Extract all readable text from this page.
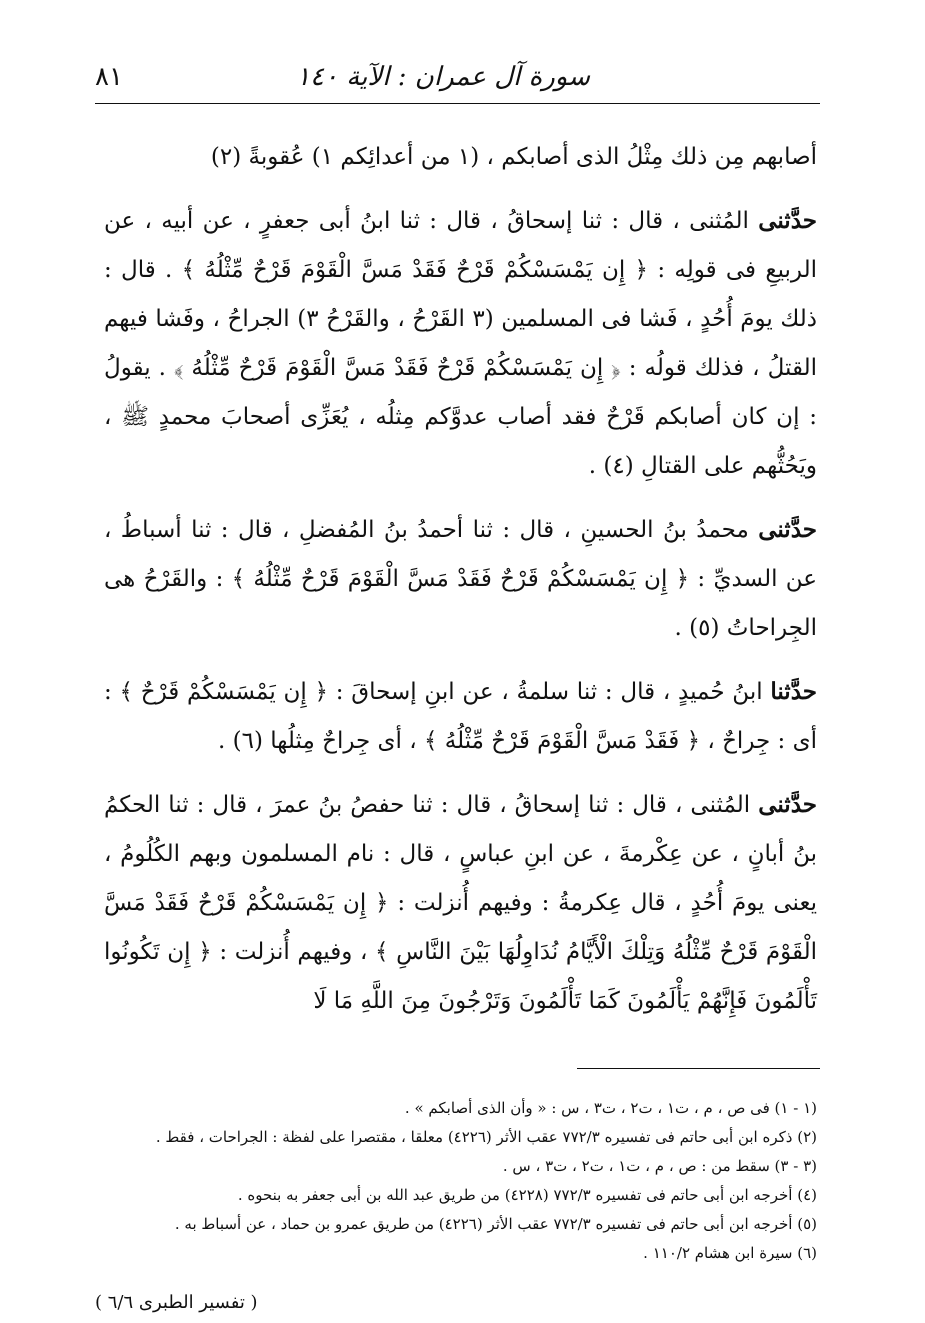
سورة آل عمران : الآية ١٤٠
٨١

أصابهم مِن ذلك مِثْلُ الذى أصابكم ، (١ من أعدائِكم ١) عُقوبةً (٢)

حدَّثنى المُثنى ، قال : ثنا إسحاقُ ، قال : ثنا ابنُ أبى جعفرٍ ، عن أبيه ، عن الربيعِ فى قولِه : ﴿ إِن يَمْسَسْكُمْ قَرْحٌ فَقَدْ مَسَّ الْقَوْمَ قَرْحٌ مِّثْلُهُ ﴾ . قال : ذلك يومَ أُحُدٍ ، فَشا فى المسلمين (٣ القَرْحُ ، والقَرْحُ ٣) الجراحُ ، وفَشا فيهم القتلُ ، فذلك قولُه : ﴿ إِن يَمْسَسْكُمْ قَرْحٌ فَقَدْ مَسَّ الْقَوْمَ قَرْحٌ مِّثْلُهُ ﴾ . يقولُ : إن كان أصابكم قَرْحٌ فقد أصاب عدوَّكم مِثلُه ، يُعَزِّى أصحابَ محمدٍ ﷺ ، ويَحُثُّهم على القتالِ (٤) .

حدَّثنى محمدُ بنُ الحسينِ ، قال : ثنا أحمدُ بنُ المُفضلِ ، قال : ثنا أسباطُ ، عن السديِّ : ﴿ إِن يَمْسَسْكُمْ قَرْحٌ فَقَدْ مَسَّ الْقَوْمَ قَرْحٌ مِّثْلُهُ ﴾ : والقَرْحُ هى الجِراحاتُ (٥) .

حدَّثنا ابنُ حُميدٍ ، قال : ثنا سلمةُ ، عن ابنِ إسحاقَ : ﴿ إِن يَمْسَسْكُمْ قَرْحٌ ﴾ : أى : جِراحٌ ، ﴿ فَقَدْ مَسَّ الْقَوْمَ قَرْحٌ مِّثْلُهُ ﴾ ، أى جِراحٌ مِثلُها (٦) .

حدَّثنى المُثنى ، قال : ثنا إسحاقُ ، قال : ثنا حفصُ بنُ عمرَ ، قال : ثنا الحكمُ بنُ أبانٍ ، عن عِكْرمةَ ، عن ابنِ عباسٍ ، قال : نام المسلمون وبهم الكُلُومُ ، يعنى يومَ أُحُدٍ ، قال عِكرمةُ : وفيهم أُنزلت : ﴿ إِن يَمْسَسْكُمْ قَرْحٌ فَقَدْ مَسَّ الْقَوْمَ قَرْحٌ مِّثْلُهُ وَتِلْكَ الْأَيَّامُ نُدَاوِلُهَا بَيْنَ النَّاسِ ﴾ ، وفيهم أُنزلت : ﴿ إِن تَكُونُوا تَأْلَمُونَ فَإِنَّهُمْ يَأْلَمُونَ كَمَا تَأْلَمُونَ وَتَرْجُونَ مِنَ اللَّهِ مَا لَا

(١ - ١) فى ص ، م ، ت١ ، ت٢ ، ت٣ ، س : « وأن الذى أصابكم » .
(٢) ذكره ابن أبى حاتم فى تفسيره ٧٧٢/٣ عقب الأثر (٤٢٢٦) معلقا ، مقتصرا على لفظة : الجراحات ، فقط .
(٣ - ٣) سقط من : ص ، م ، ت١ ، ت٢ ، ت٣ ، س .
(٤) أخرجه ابن أبى حاتم فى تفسيره ٧٧٢/٣ (٤٢٢٨) من طريق عبد الله بن أبى جعفر به بنحوه .
(٥) أخرجه ابن أبى حاتم فى تفسيره ٧٧٢/٣ عقب الأثر (٤٢٢٦) من طريق عمرو بن حماد ، عن أسباط به .
(٦) سيرة ابن هشام ١١٠/٢ .
( تفسير الطبرى ٦/٦ )
